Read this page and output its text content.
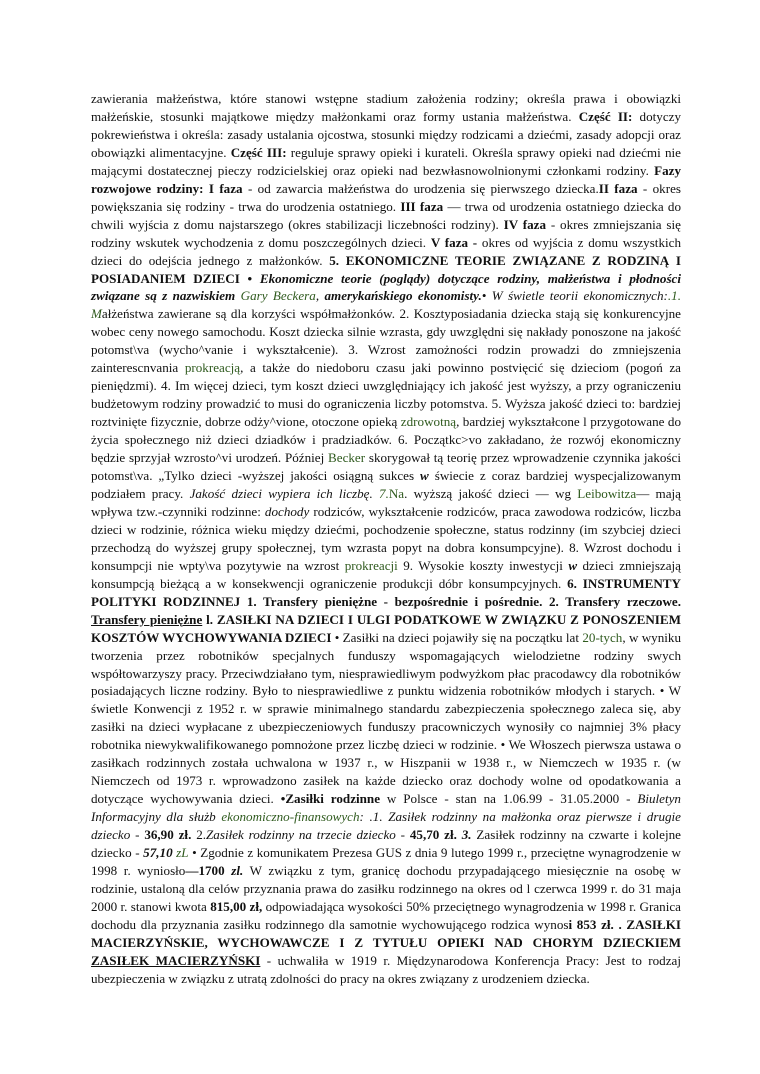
zawierania małżeństwa, które stanowi wstępne stadium założenia rodziny; określa prawa i obowiązki małżeńskie, stosunki majątkowe między małżonkami oraz formy ustania małżeństwa. Część II: dotyczy pokrewieństwa i określa: zasady ustalania ojcostwa, stosunki między rodzicami a dziećmi, zasady adopcji oraz obowiązki alimentacyjne. Część III: reguluje sprawy opieki i kurateli. Określa sprawy opieki nad dziećmi nie mającymi dostatecznej pieczy rodzicielskiej oraz opieki nad bezwłasnowolnionymi członkami rodziny. Fazy rozwojowe rodziny: I faza - od zawarcia małżeństwa do urodzenia się pierwszego dziecka.II faza - okres powiększania się rodziny - trwa do urodzenia ostatniego. III faza — trwa od urodzenia ostatniego dziecka do chwili wyjścia z domu najstarszego (okres stabilizacji liczebności rodziny). IV faza - okres zmniejszania się rodziny wskutek wychodzenia z domu poszczególnych dzieci. V faza - okres od wyjścia z domu wszystkich dzieci do odejścia jednego z małżonków. 5. EKONOMICZNE TEORIE ZWIĄZANE Z RODZINĄ I POSIADANIEM DZIECI • Ekonomiczne teorie (poglądy) dotyczące rodziny, małżeństwa i płodności związane są z nazwiskiem Gary Beckera, amerykańskiego ekonomisty.• W świetle teorii ekonomicznych:.1. Małżeństwa zawierane są dla korzyści współmałżonków. 2. Kosztyposiadania dziecka stają się konkurencyjne wobec ceny nowego samochodu. Koszt dziecka silnie wzrasta, gdy uwzględni się nakłady ponoszone na jakość potomst\va (wycho^vanie i wykształcenie). 3. Wzrost zamożności rodzin prowadzi do zmniejszenia zainterescnvania prokreacją, a także do niedoboru czasu jaki powinno postvięcić się dzieciom (pogoń za pieniędzmi). 4. Im więcej dzieci, tym koszt dzieci uwzględniający ich jakość jest wyższy, a przy ograniczeniu budżetowym rodziny prowadzić to musi do ograniczenia liczby potomstva. 5. Wyższa jakość dzieci to: bardziej roztvinięte fizycznie, dobrze odży^vione, otoczone opieką zdrowotną, bardziej wykształcone l przygotowane do życia społecznego niż dzieci dziadków i pradziadków. 6. Początkc>vo zakładano, że rozwój ekonomiczny będzie sprzyjał wzrosto^vi urodzeń. Później Becker skorygował tą teorię przez wprowadzenie czynnika jakości potomst\va. „Tylko dzieci -wyższej jakości osiągną sukces w świecie z coraz bardziej wyspecjalizowanym podziałem pracy. Jakość dzieci wypiera ich liczbę. 7.Na. wyższą jakość dzieci — wg Leibowitza— mają wpływa tzw.-czynniki rodzinne: dochody rodziców, wykształcenie rodziców, praca zawodowa rodziców, liczba dzieci w rodzinie, różnica wieku między dziećmi, pochodzenie społeczne, status rodzinny (im szybciej dzieci przechodzą do wyższej grupy społecznej, tym wzrasta popyt na dobra konsumpcyjne). 8. Wzrost dochodu i konsumpcji nie wpty\va pozytywie na wzrost prokreacji 9. Wysokie koszty inwestycji w dzieci zmniejszają konsumpcją bieżącą a w konsekwencji ograniczenie produkcji dóbr konsumpcyjnych. 6. INSTRUMENTY POLITYKI RODZINNEJ 1. Transfery pieniężne - bezpośrednie i pośrednie. 2. Transfery rzeczowe. Transfery pieniężne l. ZASIŁKI NA DZIECI I ULGI PODATKOWE W ZWIĄZKU Z PONOSZENIEM KOSZTÓW WYCHOWYWANIA DZIECI • Zasiłki na dzieci pojawiły się na początku lat 20-tych, w wyniku tworzenia przez robotników specjalnych funduszy wspomagających wielodzietne rodziny swych współtowarzyszy pracy. Przeciwdziałano tym, niesprawiedliwym podwyżkom płac pracodawcy dla robotników posiadających liczne rodziny. Było to niesprawiedliwe z punktu widzenia robotników młodych i starych. • W świetle Konwencji z 1952 r. w sprawie minimalnego standardu zabezpieczenia społecznego zaleca się, aby zasiłki na dzieci wypłacane z ubezpieczeniowych funduszy pracowniczych wynosiły co najmniej 3% płacy robotnika niewykwalifikowanego pomnożone przez liczbę dzieci w rodzinie. • We Włoszech pierwsza ustawa o zasiłkach rodzinnych została uchwalona w 1937 r., w Hiszpanii w 1938 r., w Niemczech w 1935 r. (w Niemczech od 1973 r. wprowadzono zasiłek na każde dziecko oraz dochody wolne od opodatkowania a dotyczące wychowywania dzieci. •Zasiłki rodzinne w Polsce - stan na 1.06.99 - 31.05.2000 - Biuletyn Informacyjny dla służb ekonomiczno-finansowych: .1. Zasiłek rodzinny na małżonka oraz pierwsze i drugie dziecko - 36,90 zł. 2.Zasiłek rodzinny na trzecie dziecko - 45,70 zł. 3. Zasiłek rodzinny na czwarte i kolejne dziecko - 57,10 zL • Zgodnie z komunikatem Prezesa GUS z dnia 9 lutego 1999 r., przeciętne wynagrodzenie w 1998 r. wyniosło—1700 zl. W związku z tym, granicę dochodu przypadającego miesięcznie na osobę w rodzinie, ustaloną dla celów przyznania prawa do zasiłku rodzinnego na okres od l czerwca 1999 r. do 31 maja 2000 r. stanowi kwota 815,00 zł, odpowiadająca wysokości 50% przeciętnego wynagrodzenia w 1998 r. Granica dochodu dla przyznania zasiłku rodzinnego dla samotnie wychowującego rodzica wynosi 853 zł. . ZASIŁKI MACIERZYŃSKIE, WYCHOWAWCZE I Z TYTUŁU OPIEKI NAD CHORYM DZIECKIEM ZASIŁEK MACIERZYŃSKI - uchwaliła w 1919 r. Międzynarodowa Konferencja Pracy: Jest to rodzaj ubezpieczenia w związku z utratą zdolności do pracy na okres związany z urodzeniem dziecka.
